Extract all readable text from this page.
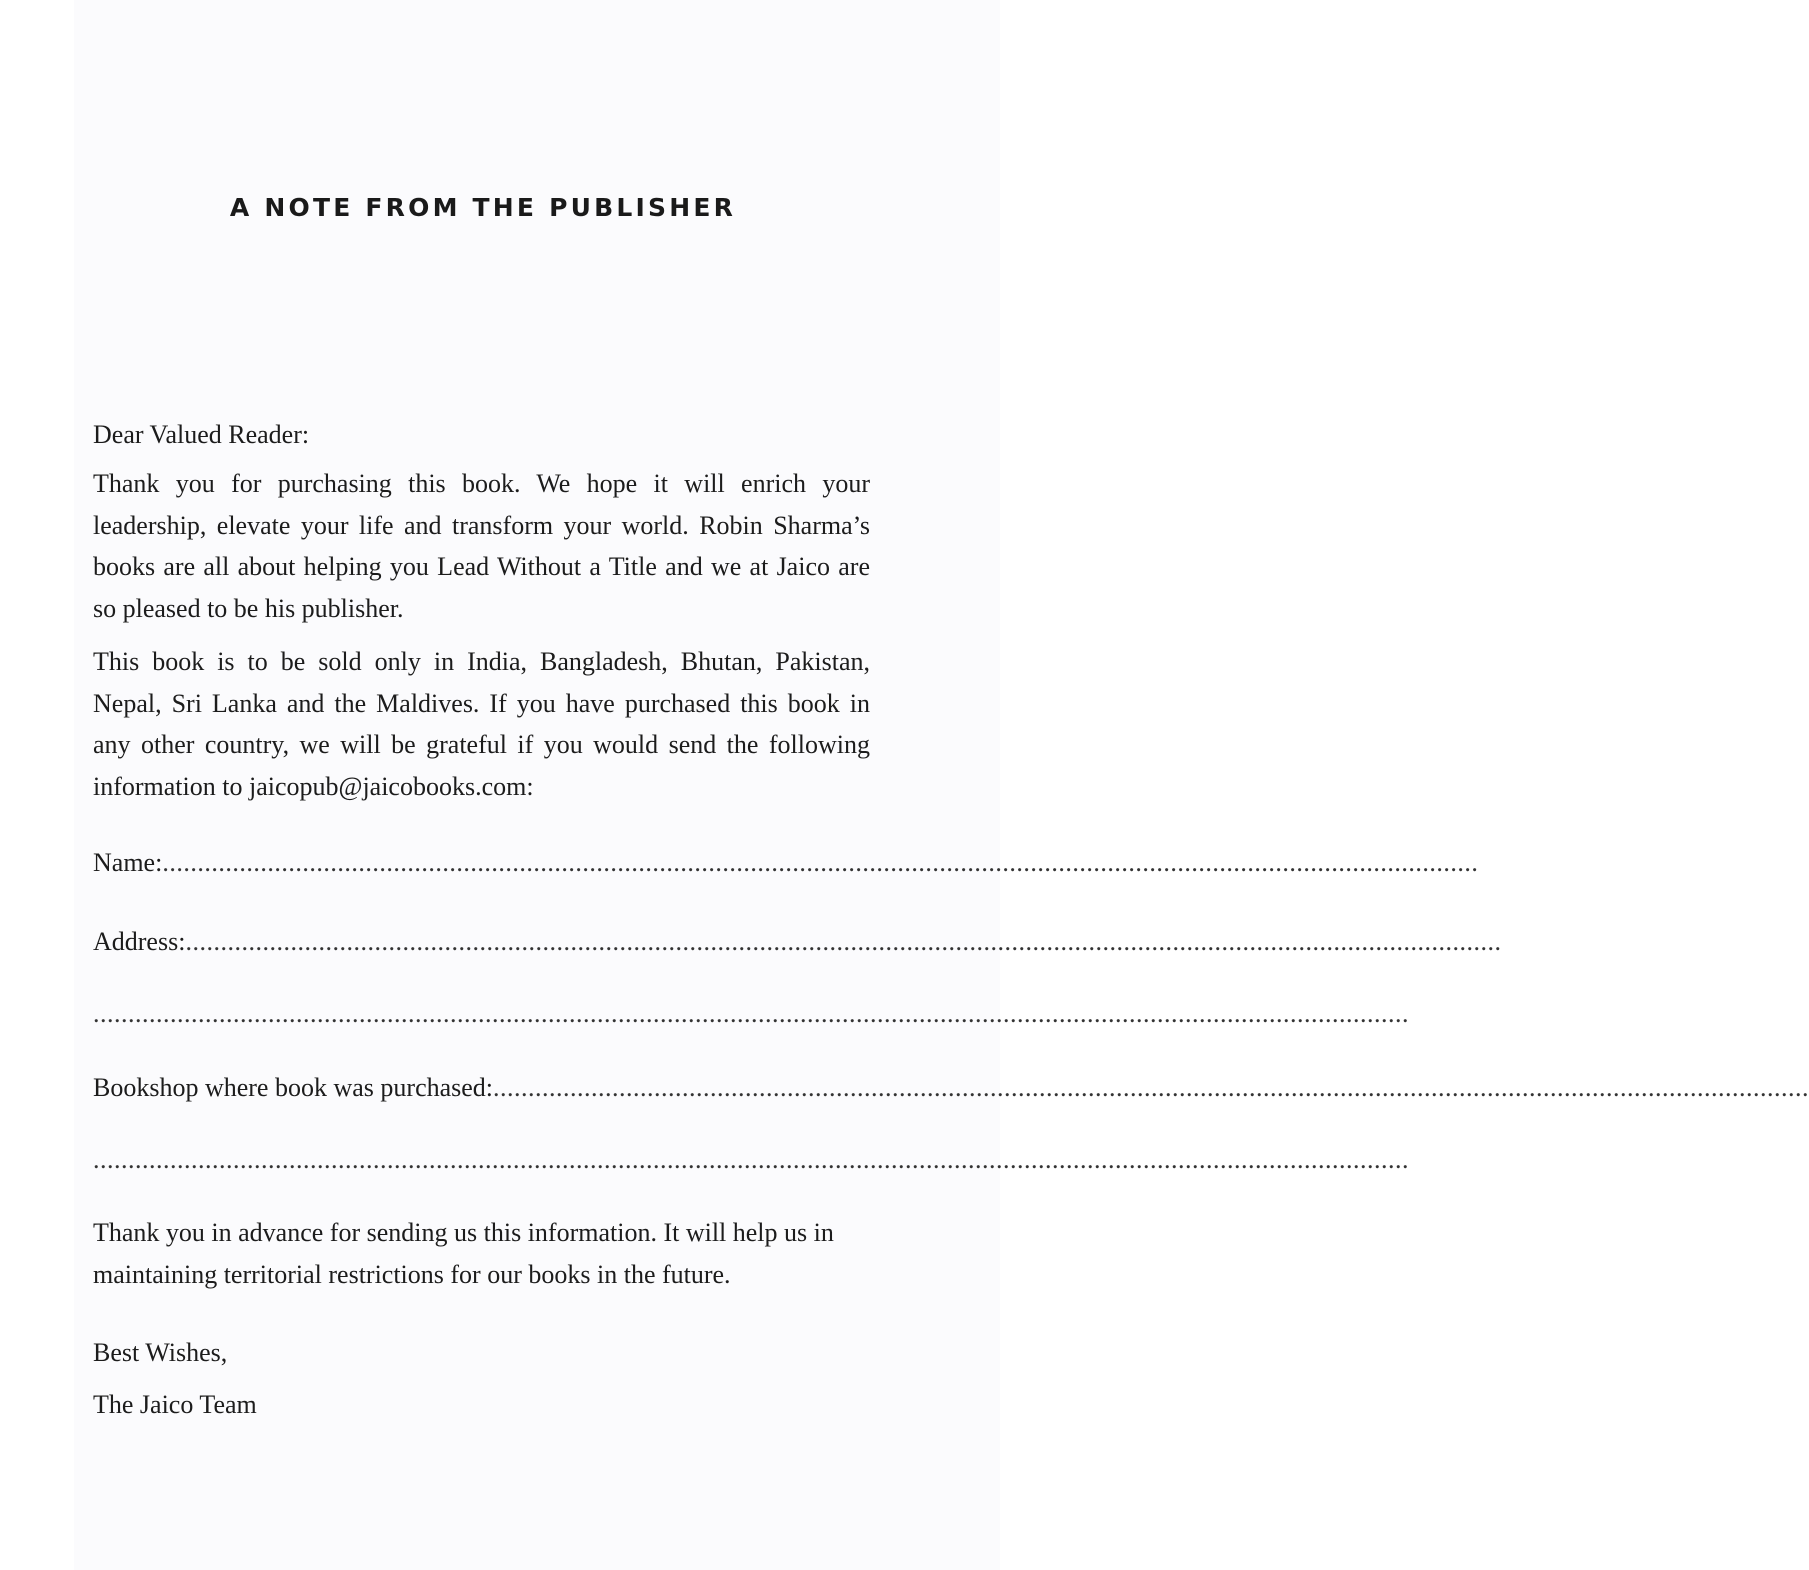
A NOTE FROM THE PUBLISHER

Dear Valued Reader:

Thank you for purchasing this book. We hope it will enrich your leadership, elevate your life and transform your world. Robin Sharma’s books are all about helping you Lead Without a Title and we at Jaico are so pleased to be his publisher.

This book is to be sold only in India, Bangladesh, Bhutan, Pakistan, Nepal, Sri Lanka and the Maldives. If you have purchased this book in any other country, we will be grateful if you would send the following information to jaicopub@jaicobooks.com:

Name: ............................................................................................................................................................................................
Address: ............................................................................................................................................................................................
............................................................................................................................................................................................
Bookshop where book was purchased: ............................................................................................................................................................................................
............................................................................................................................................................................................

Thank you in advance for sending us this information. It will help us in maintaining territorial restrictions for our books in the future.

Best Wishes,

The Jaico Team
